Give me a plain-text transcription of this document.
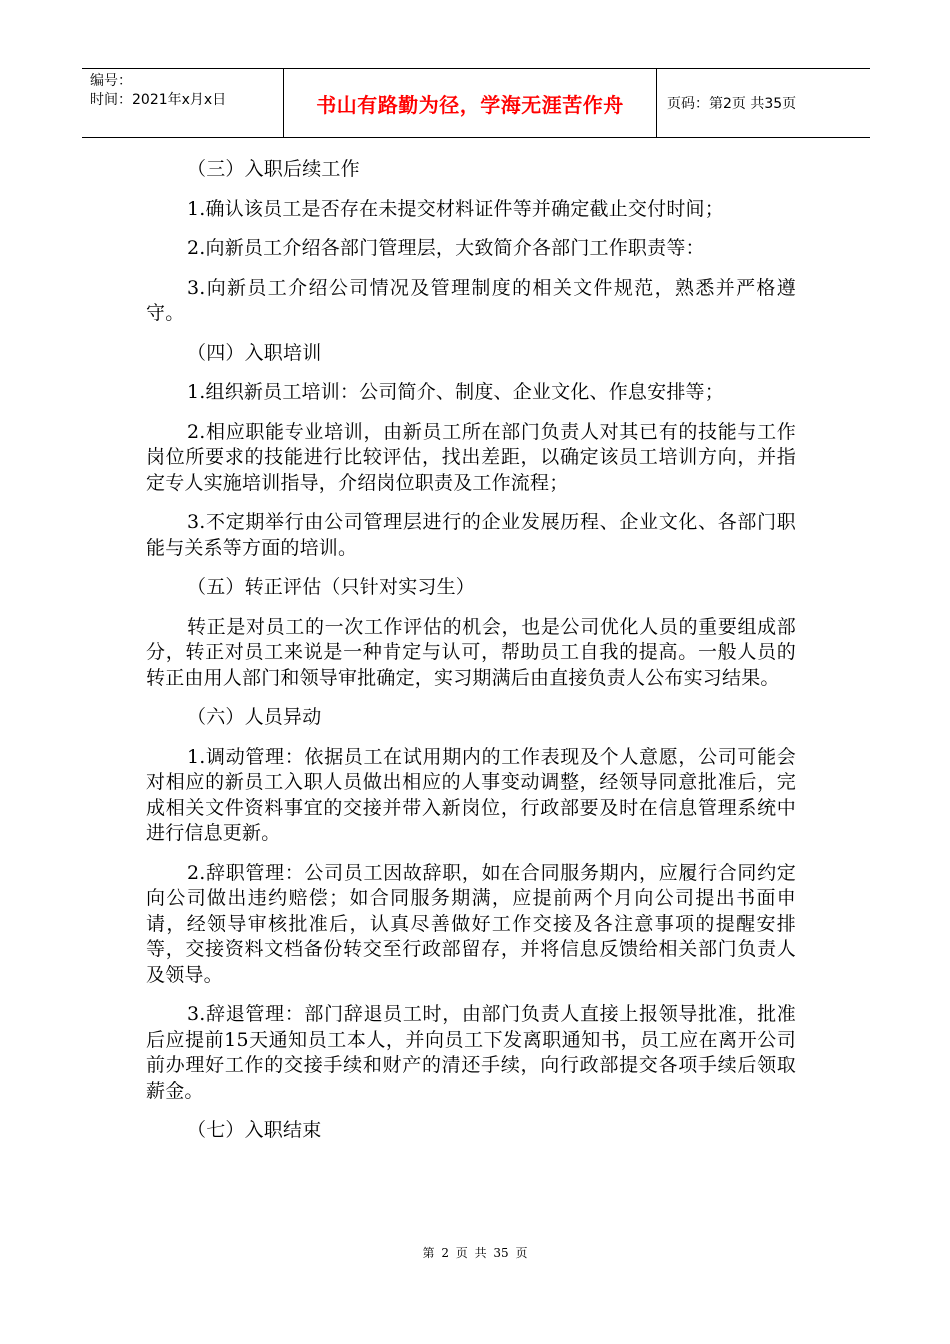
编号：
时间：2021年x月x日	书山有路勤为径，学海无涯苦作舟	页码：第2页 共35页

（三）入职后续工作

1.确认该员工是否存在未提交材料证件等并确定截止交付时间；

2.向新员工介绍各部门管理层，大致简介各部门工作职责等：

3.向新员工介绍公司情况及管理制度的相关文件规范，熟悉并严格遵守。

（四）入职培训

1.组织新员工培训：公司简介、制度、企业文化、作息安排等；

2.相应职能专业培训，由新员工所在部门负责人对其已有的技能与工作岗位所要求的技能进行比较评估，找出差距，以确定该员工培训方向，并指定专人实施培训指导，介绍岗位职责及工作流程；

3.不定期举行由公司管理层进行的企业发展历程、企业文化、各部门职能与关系等方面的培训。

（五）转正评估（只针对实习生）

转正是对员工的一次工作评估的机会，也是公司优化人员的重要组成部分，转正对员工来说是一种肯定与认可，帮助员工自我的提高。一般人员的转正由用人部门和领导审批确定，实习期满后由直接负责人公布实习结果。

（六）人员异动

1.调动管理：依据员工在试用期内的工作表现及个人意愿，公司可能会对相应的新员工入职人员做出相应的人事变动调整，经领导同意批准后，完成相关文件资料事宜的交接并带入新岗位，行政部要及时在信息管理系统中进行信息更新。

2.辞职管理：公司员工因故辞职，如在合同服务期内，应履行合同约定向公司做出违约赔偿；如合同服务期满，应提前两个月向公司提出书面申请，经领导审核批准后，认真尽善做好工作交接及各注意事项的提醒安排等，交接资料文档备份转交至行政部留存，并将信息反馈给相关部门负责人及领导。

3.辞退管理：部门辞退员工时，由部门负责人直接上报领导批准，批准后应提前15天通知员工本人，并向员工下发离职通知书，员工应在离开公司前办理好工作的交接手续和财产的清还手续，向行政部提交各项手续后领取薪金。

（七）入职结束

第 2 页 共 35 页
